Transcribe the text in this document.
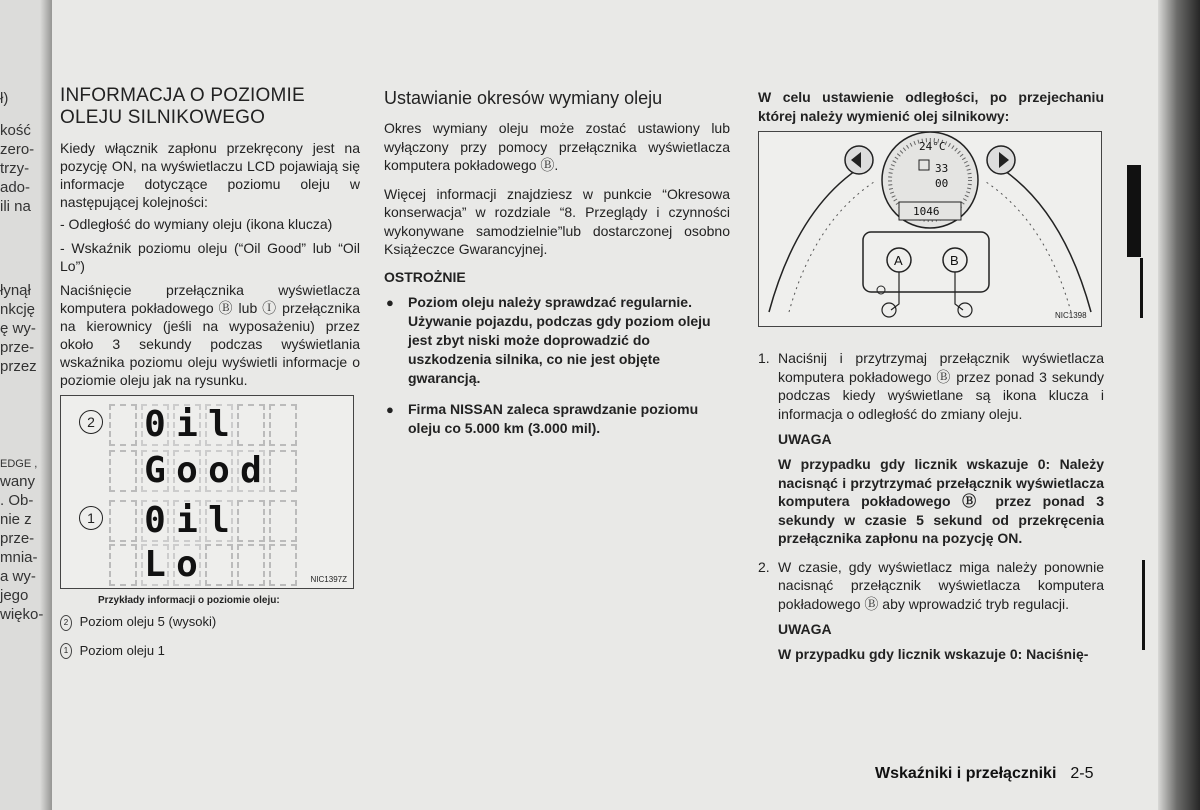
ł)
kość
zero-
trzy-
ado-
ili na
łynął
nkcję
ę wy-
prze-
przez
EDGE ,
wany
. Ob-
nie z
prze-
mnia-
a wy-
jego
więko-
INFORMACJA O POZIOMIE OLEJU SILNIKOWEGO

Kiedy włącznik zapłonu przekręcony jest na pozycję ON, na wyświetlaczu LCD pojawiają się informacje dotyczące poziomu oleju w następującej kolejności:

- Odległość do wymiany oleju (ikona klucza)

- Wskaźnik poziomu oleju (“Oil Good” lub “Oil Lo”)

Naciśnięcie przełącznika wyświetlacza komputera pokładowego Ⓑ lub Ⓘ przełącznika na kierownicy (jeśli na wyposażeniu) przez około 3 sekundy podczas wyświetlania wskaźnika poziomu oleju wyświetli informacje o poziomie oleju jak na rysunku.

2 0 i l
G o o d
1 0 i l
L o	NIC1397Z
Przykłady informacji o poziomie oleju:
2 Poziom oleju 5 (wysoki)
1 Poziom oleju 1
Ustawianie okresów wymiany oleju

Okres wymiany oleju może zostać ustawiony lub wyłączony przy pomocy przełącznika wyświetlacza komputera pokładowego Ⓑ.

Więcej informacji znajdziesz w punkcie “Okresowa konserwacja” w rozdziale “8. Przeglądy i czynności wykonywane samodzielnie”lub dostarczonej osobno Książeczce Gwarancyjnej.

OSTROŻNIE
● Poziom oleju należy sprawdzać regularnie. Używanie pojazdu, podczas gdy poziom oleju jest zbyt niski może doprowadzić do uszkodzenia silnika, co nie jest objęte gwarancją.
● Firma NISSAN zaleca sprawdzanie poziomu oleju co 5.000 km (3.000 mil).

W celu ustawienie odległości, po przejechaniu której należy wymienić olej silnikowy:

24°C
33
00
1046
A	B
NIC1398
1. Naciśnij i przytrzymaj przełącznik wyświetlacza komputera pokładowego Ⓑ przez ponad 3 sekundy podczas kiedy wyświetlane są ikona klucza i informacja o odległość do zmiany oleju.
UWAGA

W przypadku gdy licznik wskazuje 0: Należy nacisnąć i przytrzymać przełącznik wyświetlacza komputera pokładowego Ⓑ przez ponad 3 sekundy w czasie 5 sekund od przekręcenia przełącznika zapłonu na pozycję ON.

2. W czasie, gdy wyświetlacz miga należy ponownie nacisnąć przełącznik wyświetlacza komputera pokładowego Ⓑ aby wprowadzić tryb regulacji.
UWAGA

W przypadku gdy licznik wskazuje 0: Naciśnię-

Wskaźniki i przełączniki 2-5
